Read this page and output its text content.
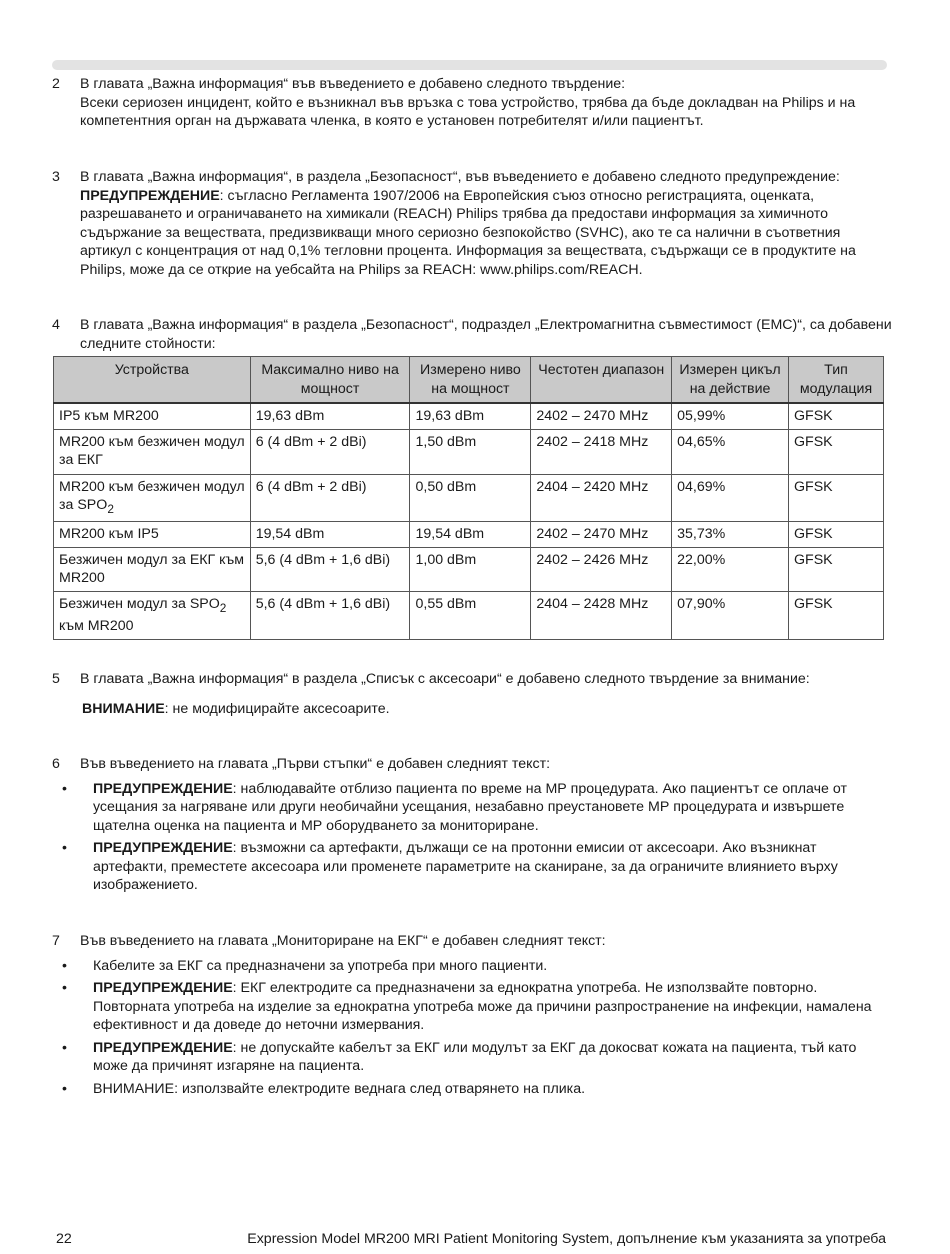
2	В главата „Важна информация“ във въведението е добавено следното твърдение:
Всеки сериозен инцидент, който е възникнал във връзка с това устройство, трябва да бъде докладван на Philips и на компетентния орган на държавата членка, в която е установен потребителят и/или пациентът.
3	В главата „Важна информация“, в раздела „Безопасност“, във въведението е добавено следното предупреждение:
ПРЕДУПРЕЖДЕНИЕ: съгласно Регламента 1907/2006 на Европейския съюз относно регистрацията, оценката, разрешаването и ограничаването на химикали (REACH) Philips трябва да предостави информация за химичното съдържание за веществата, предизвикващи много сериозно безпокойство (SVHC), ако те са налични в съответния артикул с концентрация от над 0,1% тегловни процента. Информация за веществата, съдържащи се в продуктите на Philips, може да се открие на уебсайта на Philips за REACH: www.philips.com/REACH.
4	В главата „Важна информация“ в раздела „Безопасност“, подраздел „Електромагнитна съвместимост (EMC)“, са добавени следните стойности:
Устройства	Максимално ниво на мощност	Измерено ниво на мощност	Честотен диапазон	Измерен цикъл на действие	Тип модулация
IP5 към MR200	19,63 dBm	19,63 dBm	2402 – 2470 MHz	05,99%	GFSK
MR200 към безжичен модул за ЕКГ	6 (4 dBm + 2 dBi)	1,50 dBm	2402 – 2418 MHz	04,65%	GFSK
MR200 към безжичен модул за $SPO_2$	6 (4 dBm + 2 dBi)	0,50 dBm	2404 – 2420 MHz	04,69%	GFSK
MR200 към IP5	19,54 dBm	19,54 dBm	2402 – 2470 MHz	35,73%	GFSK
Безжичен модул за ЕКГ към MR200	5,6 (4 dBm + 1,6 dBi)	1,00 dBm	2402 – 2426 MHz	22,00%	GFSK
Безжичен модул за $SPO_2$ към MR200	5,6 (4 dBm + 1,6 dBi)	0,55 dBm	2404 – 2428 MHz	07,90%	GFSK
5	В главата „Важна информация“ в раздела „Списък с аксесоари“ е добавено следното твърдение за внимание:
ВНИМАНИЕ: не модифицирайте аксесоарите.
6	Във въведението на главата „Първи стъпки“ е добавен следният текст:
• ПРЕДУПРЕЖДЕНИЕ: наблюдавайте отблизо пациента по време на МР процедурата. Ако пациентът се оплаче от усещания за нагряване или други необичайни усещания, незабавно преустановете МР процедурата и извършете щателна оценка на пациента и МР оборудването за мониториране.
• ПРЕДУПРЕЖДЕНИЕ: възможни са артефакти, дължащи се на протонни емисии от аксесоари. Ако възникнат артефакти, преместете аксесоара или променете параметрите на сканиране, за да ограничите влиянието върху изображението.
7	Във въведението на главата „Мониториране на ЕКГ“ е добавен следният текст:
• Кабелите за ЕКГ са предназначени за употреба при много пациенти.
• ПРЕДУПРЕЖДЕНИЕ: ЕКГ електродите са предназначени за еднократна употреба. Не използвайте повторно. Повторната употреба на изделие за еднократна употреба може да причини разпространение на инфекции, намалена ефективност и да доведе до неточни измервания.
• ПРЕДУПРЕЖДЕНИЕ: не допускайте кабелът за ЕКГ или модулът за ЕКГ да докосват кожата на пациента, тъй като може да причинят изгаряне на пациента.
• ВНИМАНИЕ: използвайте електродите веднага след отварянето на плика.
22	Expression Model MR200 MRI Patient Monitoring System, допълнение към указанията за употреба
